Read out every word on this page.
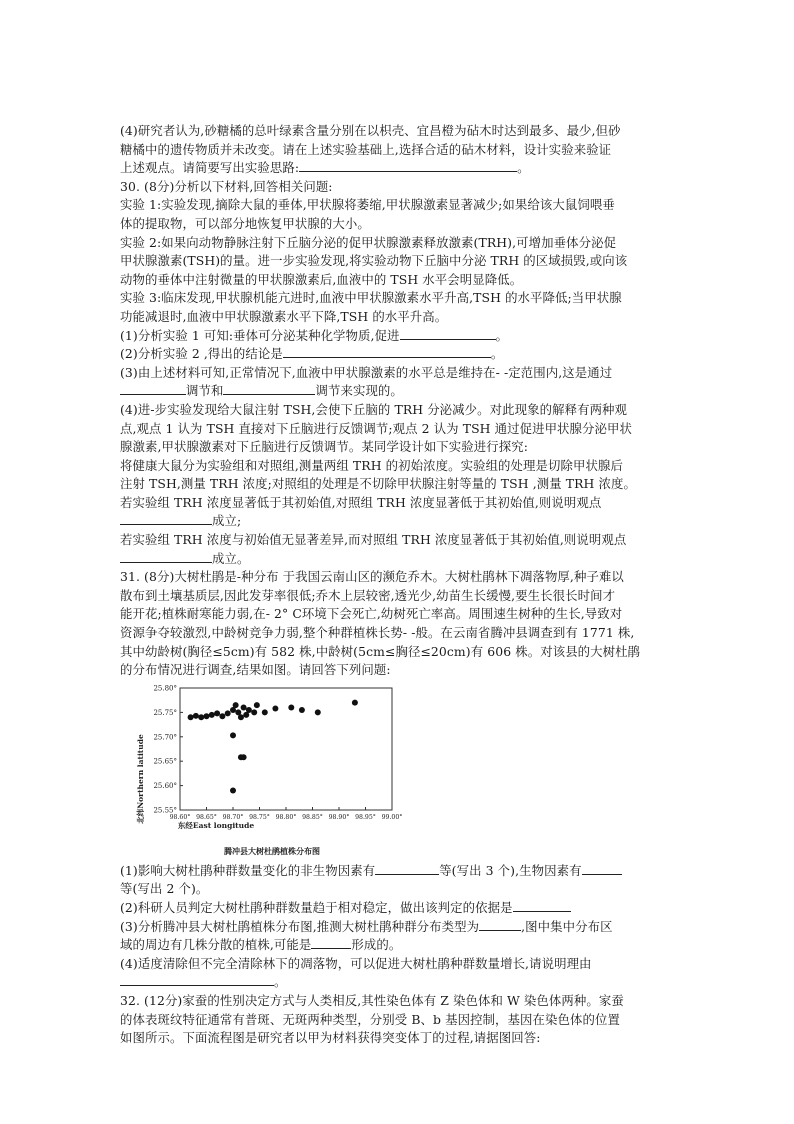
(4)研究者认为,砂糖橘的总叶绿素含量分别在以枳壳、宜昌橙为砧木时达到最多、最少,但砂

糖橘中的遗传物质并未改变。请在上述实验基础上,选择合适的砧木材料，设计实验来验证

上述观点。请简要写出实验思路:	。

30. (8分)分析以下材料,回答相关问题:

实验 1:实验发现,摘除大鼠的垂体,甲状腺将萎缩,甲状腺激素显著减少;如果给该大鼠饲喂垂

体的提取物，可以部分地恢复甲状腺的大小。

实验 2:如果向动物静脉注射下丘脑分泌的促甲状腺激素释放激素(TRH),可增加垂体分泌促

甲状腺激素(TSH)的量。进一步实验发现,将实验动物下丘脑中分泌 TRH 的区域损毁,或向该

动物的垂体中注射微量的甲状腺激素后,血液中的 TSH 水平会明显降低。

实验 3:临床发现,甲状腺机能亢进时,血液中甲状腺激素水平升高,TSH 的水平降低;当甲状腺

功能减退时,血液中甲状腺激素水平下降,TSH 的水平升高。

(1)分析实验 1 可知:垂体可分泌某种化学物质,促进	。

(2)分析实验 2 ,得出的结论是	。

(3)由上述材料可知,正常情况下,血液中甲状腺激素的水平总是维持在- -定范围内,这是通过

调节和	调节来实现的。

(4)进-步实验发现给大鼠注射 TSH,会使下丘脑的 TRH 分泌减少。对此现象的解释有两种观

点,观点 1 认为 TSH 直接对下丘脑进行反馈调节;观点 2 认为 TSH 通过促进甲状腺分泌甲状

腺激素,甲状腺激素对下丘脑进行反馈调节。某同学设计如下实验进行探究:

将健康大鼠分为实验组和对照组,测量两组 TRH 的初始浓度。实验组的处理是切除甲状腺后

注射 TSH,测量 TRH 浓度;对照组的处理是不切除甲状腺注射等量的 TSH ,测量 TRH 浓度。

若实验组 TRH 浓度显著低于其初始值,对照组 TRH 浓度显著低于其初始值,则说明观点

成立;

若实验组 TRH 浓度与初始值无显著差异,而对照组 TRH 浓度显著低于其初始值,则说明观点

成立。

31. (8分)大树杜鹃是-种分布 于我国云南山区的濒危乔木。大树杜鹃林下凋落物厚,种子难以

散布到土壤基质层,因此发芽率很低;乔木上层较密,透光少,幼苗生长缓慢,要生长很长时间才

能开花;植株耐寒能力弱,在- 2° C环境下会死亡,幼树死亡率高。周围速生树种的生长,导致对

资源争夺较激烈,中龄树竞争力弱,整个种群植株长势- -般。在云南省腾冲县调查到有 1771 株,

其中幼龄树(胸径≤5cm)有 582 株,中龄树(5cm≤胸径≤20cm)有 606 株。对该县的大树杜鹃

的分布情况进行调查,结果如图。请回答下列问题:

25.80°
25.75°
25.70°
25.65°
25.60°
25.55°
98.60° 98.65° 98.70° 98.75° 98.80° 98.85° 98.90° 98.95° 99.00°
北纬Northern latitude
东经East longitude
腾冲县大树杜鹃植株分布图

(1)影响大树杜鹃种群数量变化的非生物因素有	等(写出 3 个),生物因素有

等(写出 2 个)。

(2)科研人员判定大树杜鹃种群数量趋于相对稳定，做出该判定的依据是

(3)分析腾冲县大树杜鹃植株分布图,推测大树杜鹃种群分布类型为	,图中集中分布区

域的周边有几株分散的植株,可能是	形成的。

(4)适度清除但不完全清除林下的凋落物，可以促进大树杜鹃种群数量增长,请说明理由

。

32. (12分)家蚕的性别决定方式与人类相反,其性染色体有 Z 染色体和 W 染色体两种。家蚕

的体表斑纹特征通常有普斑、无斑两种类型，分别受 B、b 基因控制，基因在染色体的位置

如图所示。下面流程图是研究者以甲为材料获得突变体丁的过程,请据图回答:
